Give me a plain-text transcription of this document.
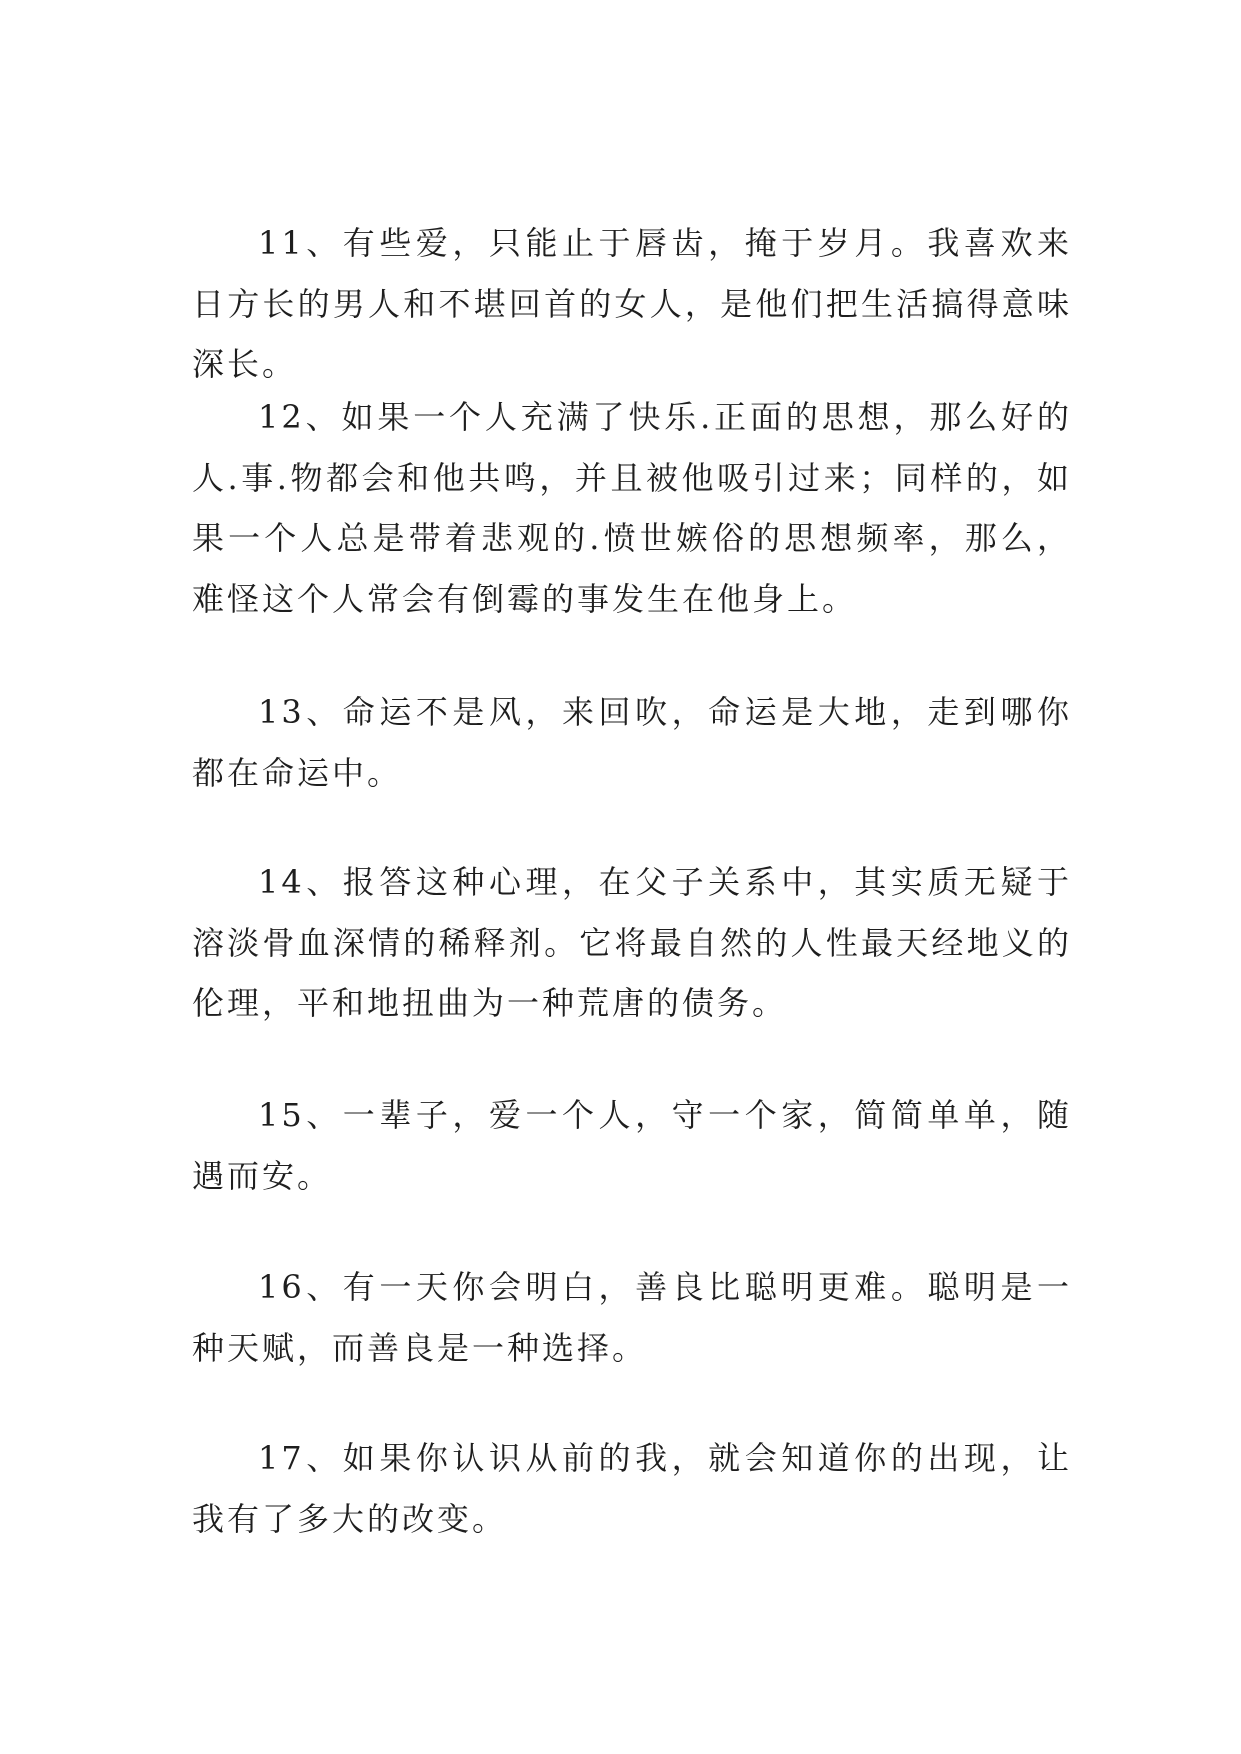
11、有些爱，只能止于唇齿，掩于岁月。我喜欢来日方长的男人和不堪回首的女人，是他们把生活搞得意味深长。

12、如果一个人充满了快乐.正面的思想，那么好的人.事.物都会和他共鸣，并且被他吸引过来；同样的，如果一个人总是带着悲观的.愤世嫉俗的思想频率，那么，难怪这个人常会有倒霉的事发生在他身上。

13、命运不是风，来回吹，命运是大地，走到哪你都在命运中。

14、报答这种心理，在父子关系中，其实质无疑于溶淡骨血深情的稀释剂。它将最自然的人性最天经地义的伦理，平和地扭曲为一种荒唐的债务。

15、一辈子，爱一个人，守一个家，简简单单，随遇而安。

16、有一天你会明白，善良比聪明更难。聪明是一种天赋，而善良是一种选择。

17、如果你认识从前的我，就会知道你的出现，让我有了多大的改变。
